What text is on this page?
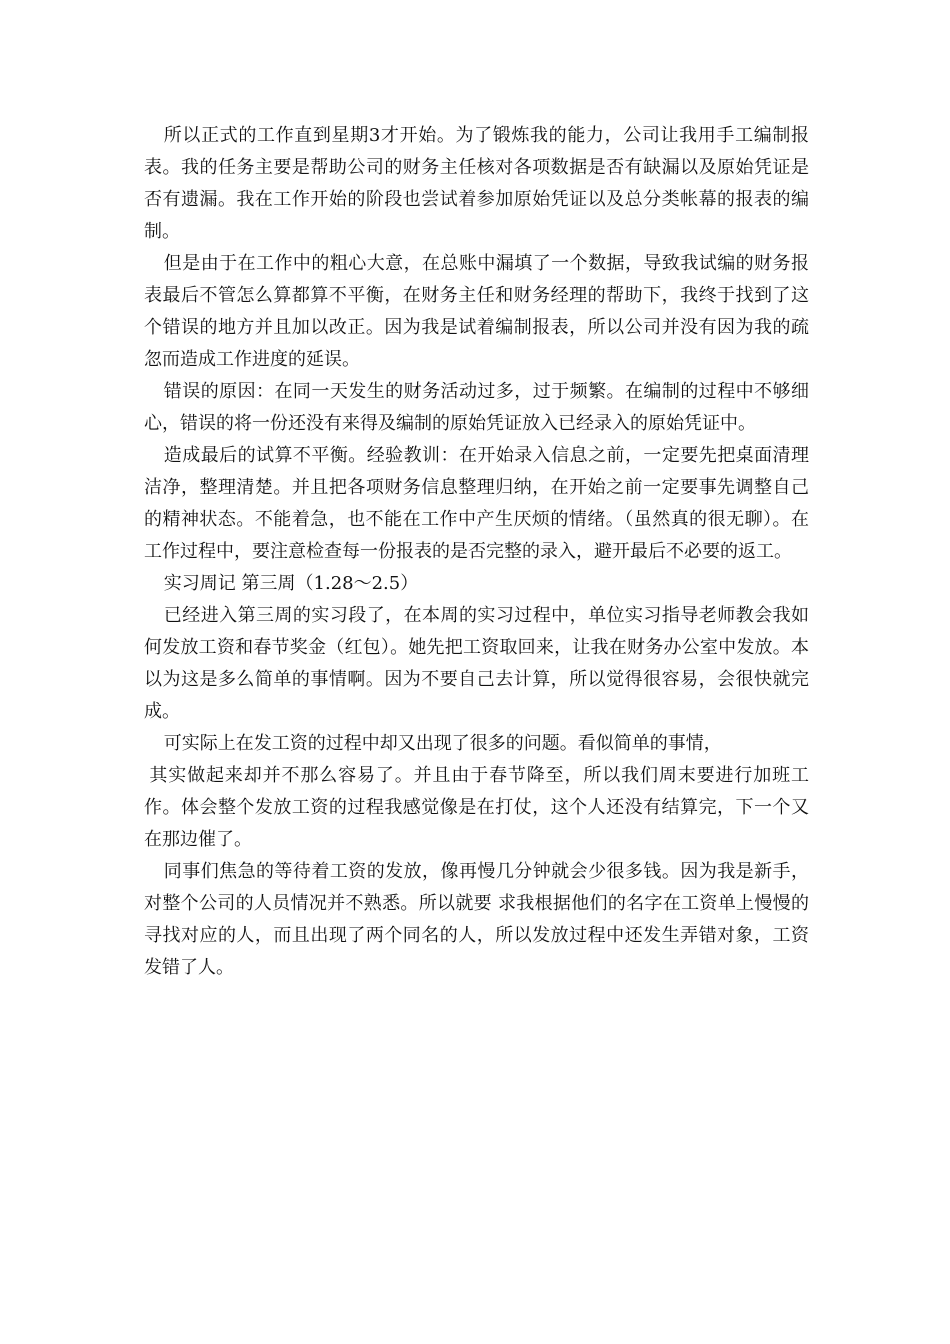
所以正式的工作直到星期3才开始。为了锻炼我的能力，公司让我用手工编制报表。我的任务主要是帮助公司的财务主任核对各项数据是否有缺漏以及原始凭证是否有遗漏。我在工作开始的阶段也尝试着参加原始凭证以及总分类帐幕的报表的编制。

但是由于在工作中的粗心大意，在总账中漏填了一个数据，导致我试编的财务报表最后不管怎么算都算不平衡，在财务主任和财务经理的帮助下，我终于找到了这个错误的地方并且加以改正。因为我是试着编制报表，所以公司并没有因为我的疏忽而造成工作进度的延误。

错误的原因：在同一天发生的财务活动过多，过于频繁。在编制的过程中不够细心，错误的将一份还没有来得及编制的原始凭证放入已经录入的原始凭证中。

造成最后的试算不平衡。经验教训：在开始录入信息之前，一定要先把桌面清理洁净，整理清楚。并且把各项财务信息整理归纳，在开始之前一定要事先调整自己的精神状态。不能着急，也不能在工作中产生厌烦的情绪。（虽然真的很无聊）。在工作过程中，要注意检查每一份报表的是否完整的录入，避开最后不必要的返工。

实习周记 第三周（1.28～2.5）

已经进入第三周的实习段了，在本周的实习过程中，单位实习指导老师教会我如何发放工资和春节奖金（红包）。她先把工资取回来，让我在财务办公室中发放。本以为这是多么简单的事情啊。因为不要自己去计算，所以觉得很容易，会很快就完成。

可实际上在发工资的过程中却又出现了很多的问题。看似简单的事情，

其实做起来却并不那么容易了。并且由于春节降至，所以我们周末要进行加班工作。体会整个发放工资的过程我感觉像是在打仗，这个人还没有结算完，下一个又在那边催了。

同事们焦急的等待着工资的发放，像再慢几分钟就会少很多钱。因为我是新手，对整个公司的人员情况并不熟悉。所以就要 求我根据他们的名字在工资单上慢慢的寻找对应的人，而且出现了两个同名的人，所以发放过程中还发生弄错对象，工资发错了人。
